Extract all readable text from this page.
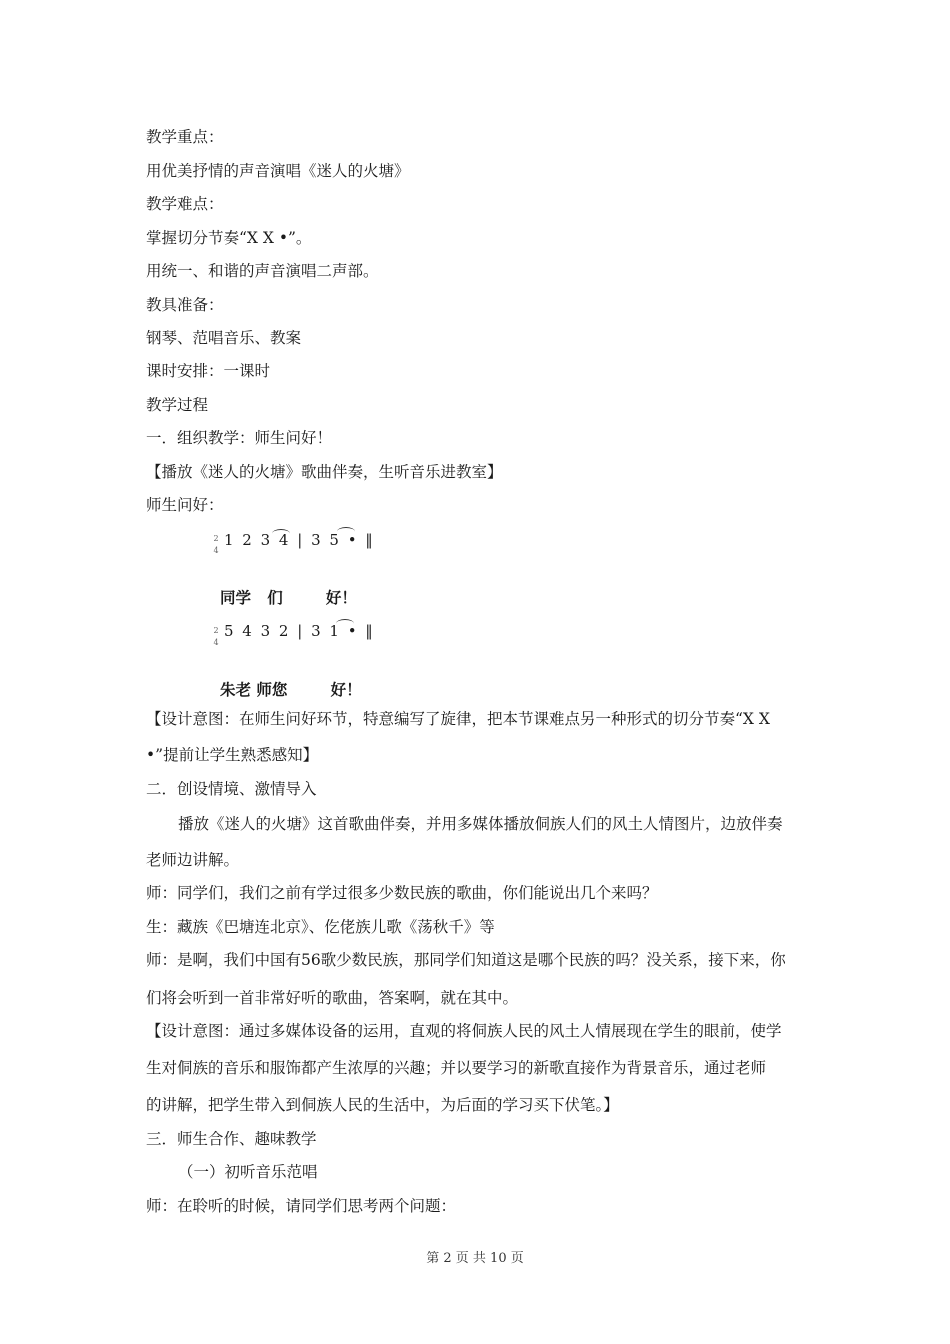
教学重点：
用优美抒情的声音演唱《迷人的火塘》
教学难点：
掌握切分节奏“X X •”。
用统一、和谐的声音演唱二声部。
教具准备：
钢琴、范唱音乐、教案
课时安排：一课时
教学过程
一．组织教学：师生问好！
【播放《迷人的火塘》歌曲伴奏，生听音乐进教室】
师生问好：
2
4
1 2 3 4 | 3 5 • ‖
同学   们        好！
2
4
5 4 3 2 | 3 1 • ‖
朱老 师您        好！
【设计意图：在师生问好环节，特意编写了旋律，把本节课难点另一种形式的切分节奏“X X
•”提前让学生熟悉感知】
二．创设情境、激情导入
播放《迷人的火塘》这首歌曲伴奏，并用多媒体播放侗族人们的风土人情图片，边放伴奏
老师边讲解。
师：同学们，我们之前有学过很多少数民族的歌曲，你们能说出几个来吗？
生：藏族《巴塘连北京》、仡佬族儿歌《荡秋千》等
师：是啊，我们中国有56歌少数民族，那同学们知道这是哪个民族的吗？没关系，接下来，你
们将会听到一首非常好听的歌曲，答案啊，就在其中。
【设计意图：通过多媒体设备的运用，直观的将侗族人民的风土人情展现在学生的眼前，使学
生对侗族的音乐和服饰都产生浓厚的兴趣；并以要学习的新歌直接作为背景音乐，通过老师
的讲解，把学生带入到侗族人民的生活中，为后面的学习买下伏笔。】
三．师生合作、趣味教学
（一）初听音乐范唱
师：在聆听的时候，请同学们思考两个问题：
第 2 页 共 10 页
